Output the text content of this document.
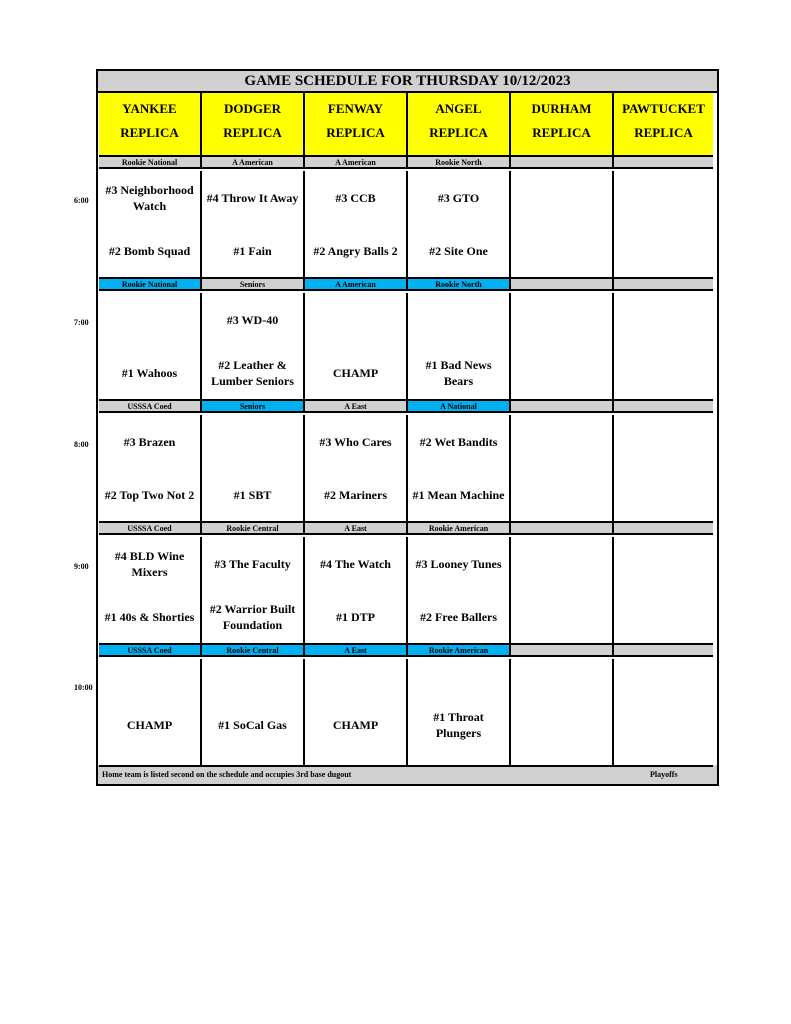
GAME SCHEDULE FOR THURSDAY 10/12/2023
Home team is listed second on the schedule and occupies 3rd base dugout	Playoffs
YANKEE
REPLICA
DODGER
REPLICA
FENWAY
REPLICA
ANGEL
REPLICA
DURHAM
REPLICA
PAWTUCKET
REPLICA
Rookie National
#3 Neighborhood Watch
#2 Bomb Squad
A American
#4 Throw It Away
#1 Fain
A American
#3 CCB
#2 Angry Balls 2
Rookie North
#3 GTO
#2 Site One
Rookie National
#1 Wahoos
Seniors
#3 WD-40
#2 Leather & Lumber Seniors
A American
CHAMP
Rookie North
#1 Bad News Bears
USSSA Coed
#3 Brazen
#2 Top Two Not 2
Seniors
#1 SBT
A East
#3 Who Cares
#2 Mariners
A National
#2 Wet Bandits
#1 Mean Machine
USSSA Coed
#4 BLD Wine Mixers
#1 40s & Shorties
Rookie Central
#3 The Faculty
#2 Warrior Built Foundation
A East
#4 The Watch
#1 DTP
Rookie American
#3 Looney Tunes
#2 Free Ballers
USSSA Coed
CHAMP
Rookie Central
#1 SoCal Gas
A East
CHAMP
Rookie American
#1 Throat Plungers
6:00
7:00
8:00
9:00
10:00
